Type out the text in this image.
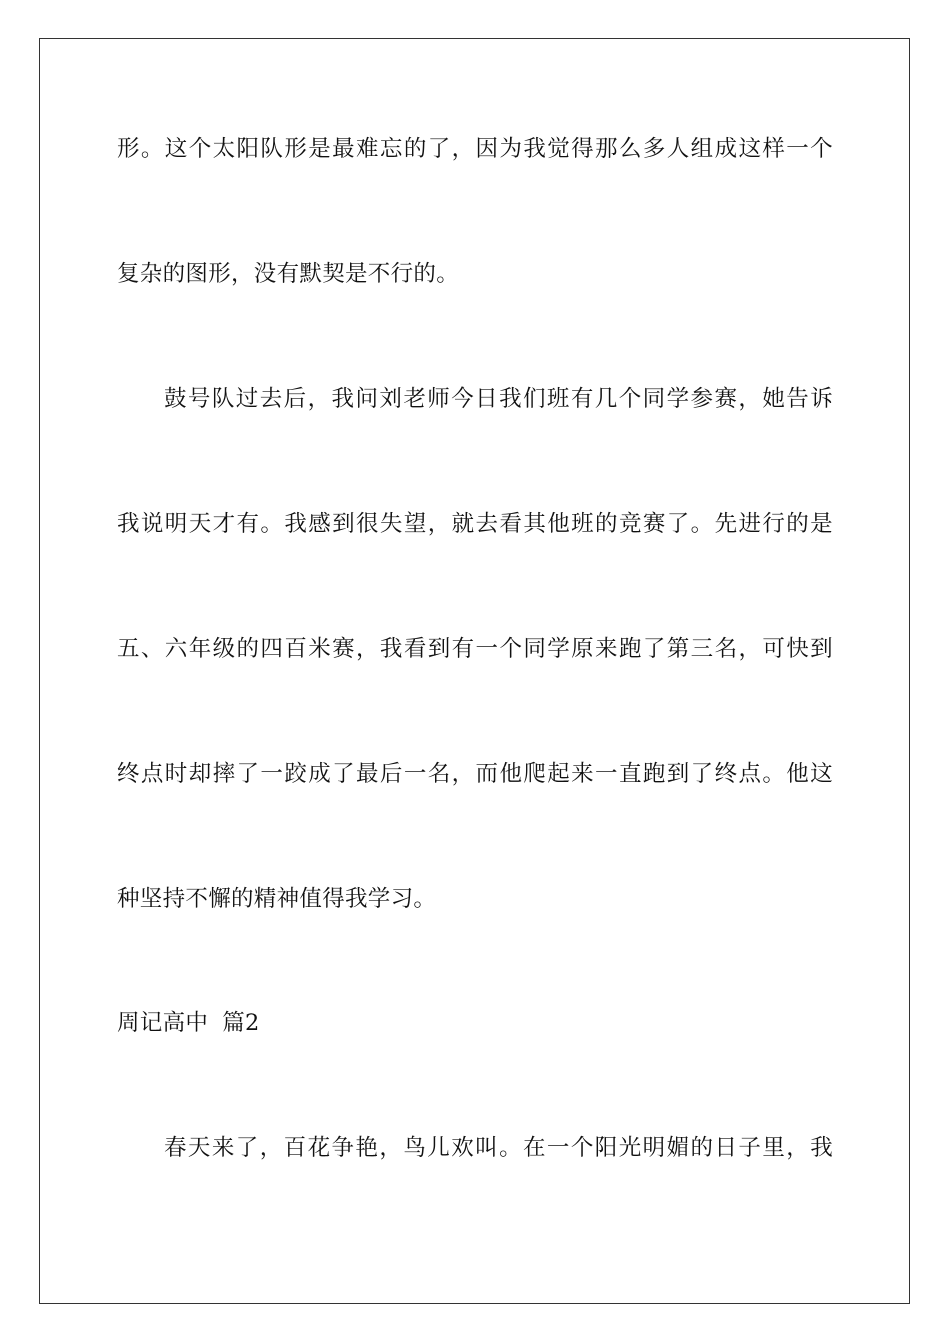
形。这个太阳队形是最难忘的了，因为我觉得那么多人组成这样一个

复杂的图形，没有默契是不行的。

鼓号队过去后，我问刘老师今日我们班有几个同学参赛，她告诉

我说明天才有。我感到很失望，就去看其他班的竞赛了。先进行的是

五、六年级的四百米赛，我看到有一个同学原来跑了第三名，可快到

终点时却摔了一跤成了最后一名，而他爬起来一直跑到了终点。他这

种坚持不懈的精神值得我学习。

周记高中 篇2

春天来了，百花争艳，鸟儿欢叫。在一个阳光明媚的日子里，我
